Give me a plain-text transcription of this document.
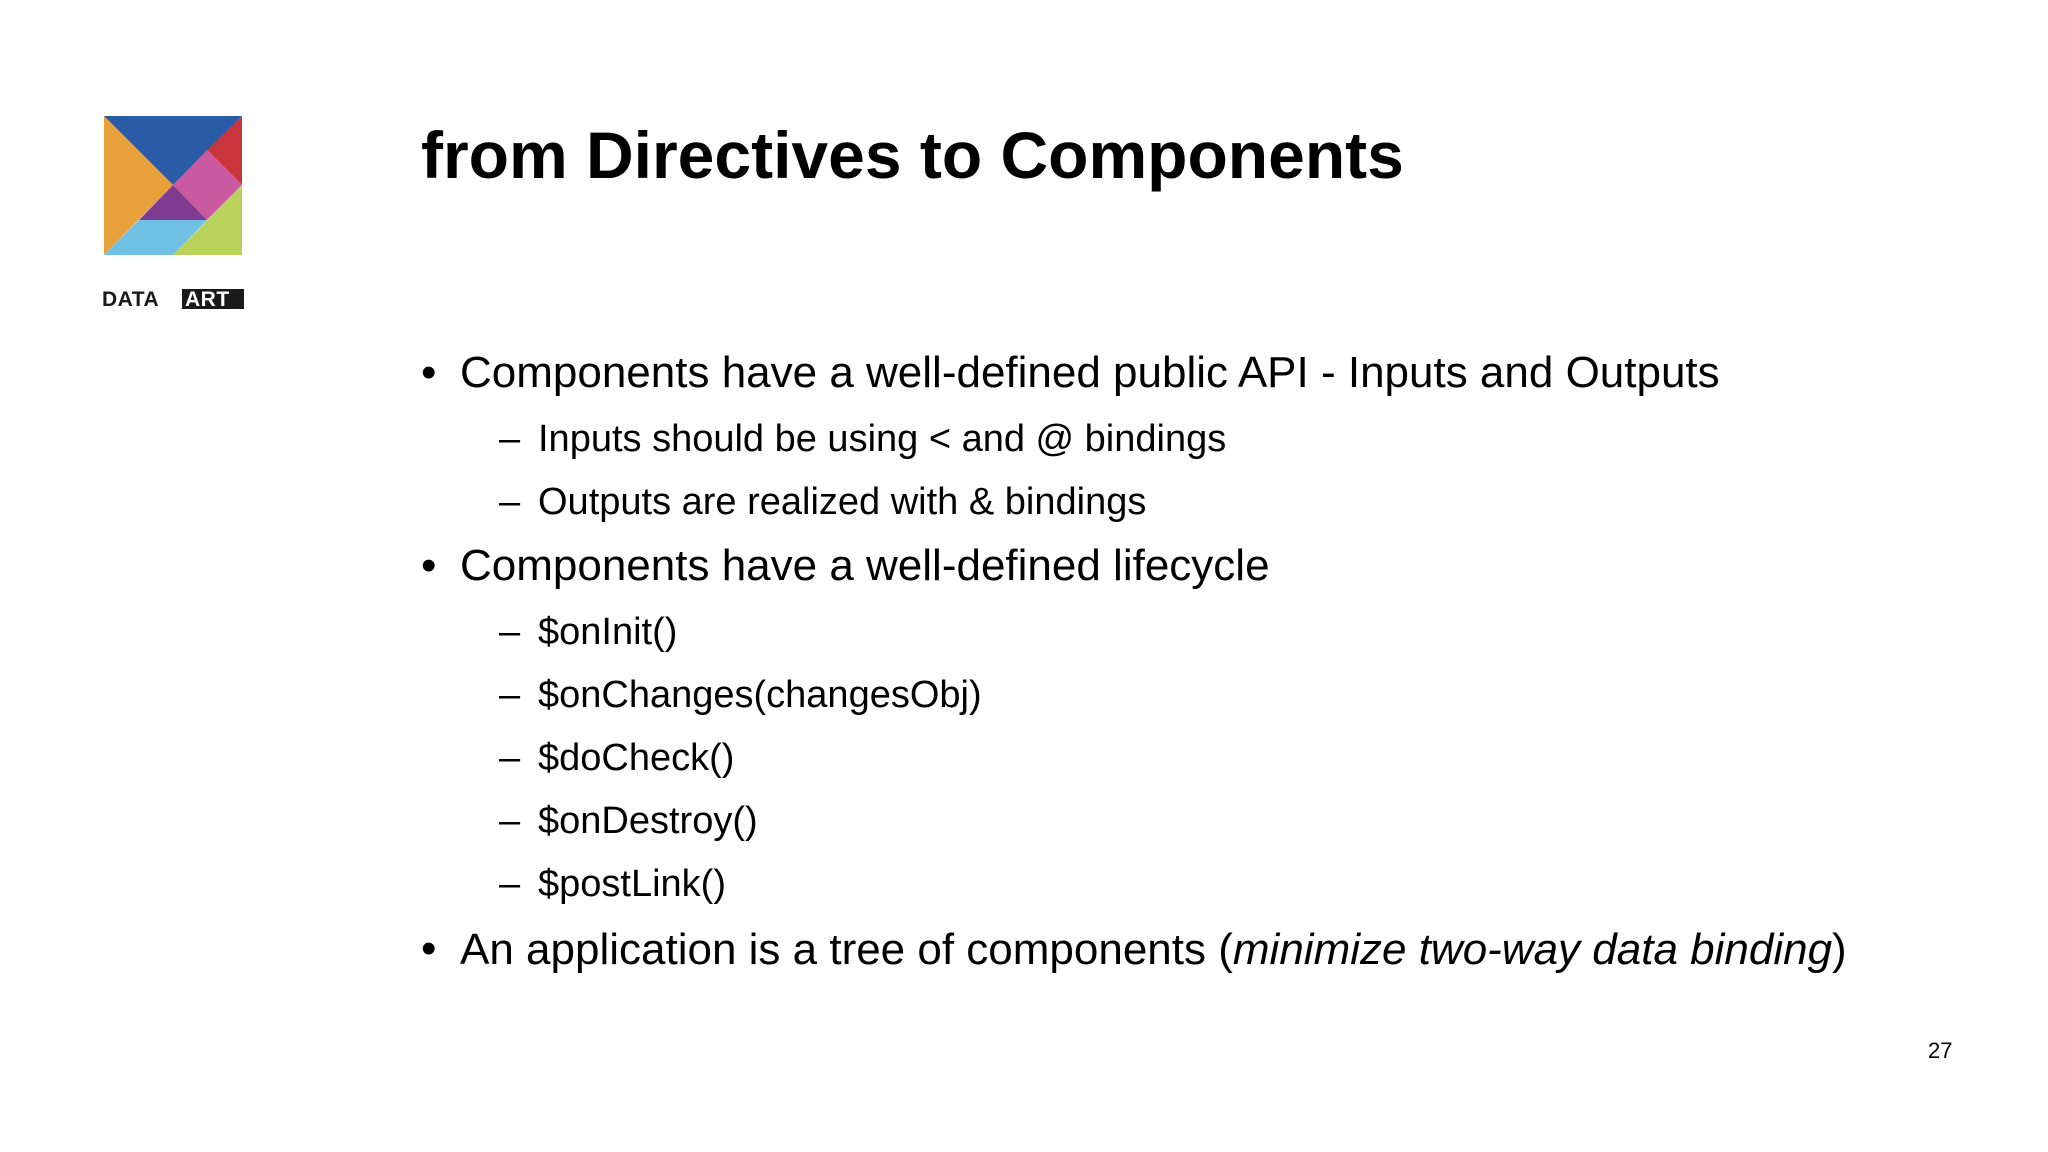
DATA ART
from Directives to Components
• Components have a well-defined public API - Inputs and Outputs
– Inputs should be using < and @ bindings
– Outputs are realized with & bindings
• Components have a well-defined lifecycle
– $onInit()
– $onChanges(changesObj)
– $doCheck()
– $onDestroy()
– $postLink()
• An application is a tree of components (minimize two-way data binding)
27
